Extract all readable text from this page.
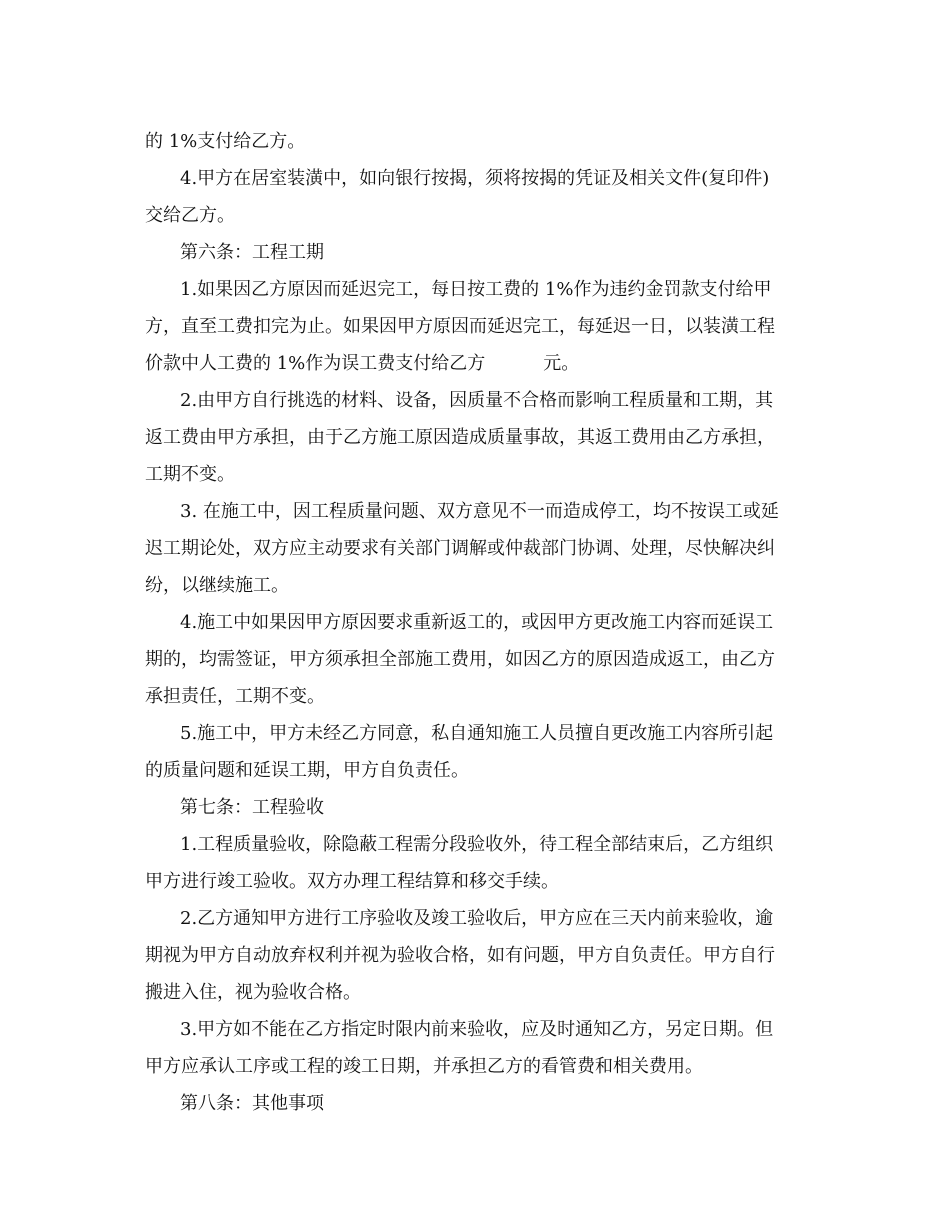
的 1%支付给乙方。
4.甲方在居室装潢中，如向银行按揭，须将按揭的凭证及相关文件(复印件)
交给乙方。
第六条：工程工期
1.如果因乙方原因而延迟完工，每日按工费的 1%作为违约金罚款支付给甲
方，直至工费扣完为止。如果因甲方原因而延迟完工，每延迟一日，以装潢工程
价款中人工费的 1%作为误工费支付给乙方	元。
2.由甲方自行挑选的材料、设备，因质量不合格而影响工程质量和工期，其
返工费由甲方承担，由于乙方施工原因造成质量事故，其返工费用由乙方承担，
工期不变。
3. 在施工中，因工程质量问题、双方意见不一而造成停工，均不按误工或延
迟工期论处，双方应主动要求有关部门调解或仲裁部门协调、处理，尽快解决纠
纷，以继续施工。
4.施工中如果因甲方原因要求重新返工的，或因甲方更改施工内容而延误工
期的，均需签证，甲方须承担全部施工费用，如因乙方的原因造成返工，由乙方
承担责任，工期不变。
5.施工中，甲方未经乙方同意，私自通知施工人员擅自更改施工内容所引起
的质量问题和延误工期，甲方自负责任。
第七条：工程验收
1.工程质量验收，除隐蔽工程需分段验收外，待工程全部结束后，乙方组织
甲方进行竣工验收。双方办理工程结算和移交手续。
2.乙方通知甲方进行工序验收及竣工验收后，甲方应在三天内前来验收，逾
期视为甲方自动放弃权利并视为验收合格，如有问题，甲方自负责任。甲方自行
搬进入住，视为验收合格。
3.甲方如不能在乙方指定时限内前来验收，应及时通知乙方，另定日期。但
甲方应承认工序或工程的竣工日期，并承担乙方的看管费和相关费用。
第八条：其他事项
